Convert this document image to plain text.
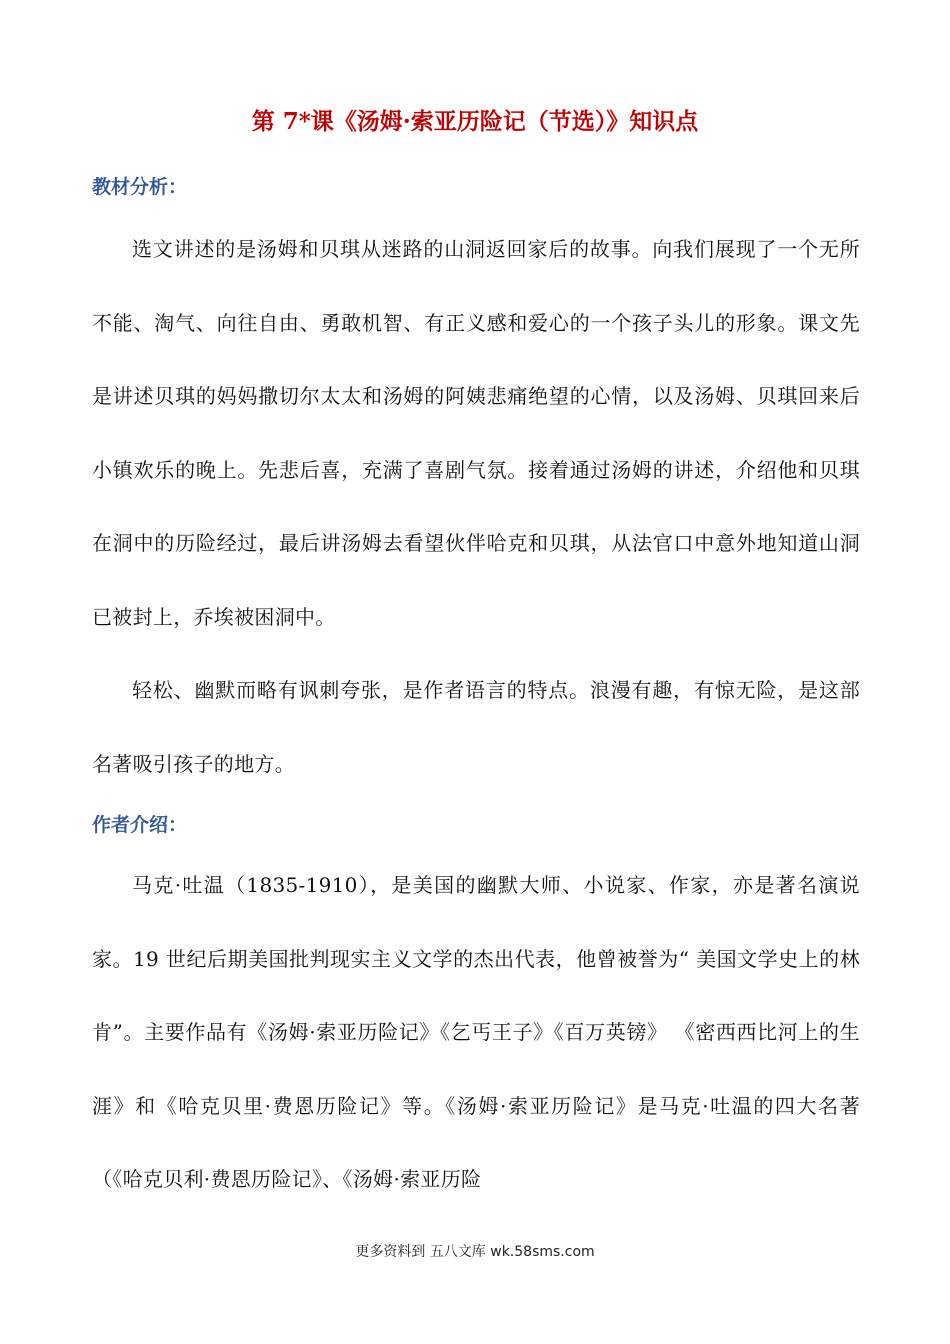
第 7*课《汤姆·索亚历险记（节选）》知识点
教材分析：

选文讲述的是汤姆和贝琪从迷路的山洞返回家后的故事。向我们展现了一个无所不能、淘气、向往自由、勇敢机智、有正义感和爱心的一个孩子头儿的形象。课文先是讲述贝琪的妈妈撒切尔太太和汤姆的阿姨悲痛绝望的心情，以及汤姆、贝琪回来后小镇欢乐的晚上。先悲后喜，充满了喜剧气氛。接着通过汤姆的讲述，介绍他和贝琪在洞中的历险经过，最后讲汤姆去看望伙伴哈克和贝琪，从法官口中意外地知道山洞已被封上，乔埃被困洞中。

轻松、幽默而略有讽刺夸张，是作者语言的特点。浪漫有趣，有惊无险，是这部名著吸引孩子的地方。

作者介绍：

马克·吐温（1835-1910），是美国的幽默大师、小说家、作家，亦是著名演说家。19 世纪后期美国批判现实主义文学的杰出代表，他曾被誉为“ 美国文学史上的林肯”。主要作品有《汤姆·索亚历险记》《乞丐王子》《百万英镑》 《密西西比河上的生涯》和《哈克贝里·费恩历险记》等。《汤姆·索亚历险记》是马克·吐温的四大名著（《哈克贝利·费恩历险记》、《汤姆·索亚历险

更多资料到 五八文库 wk.58sms.com
